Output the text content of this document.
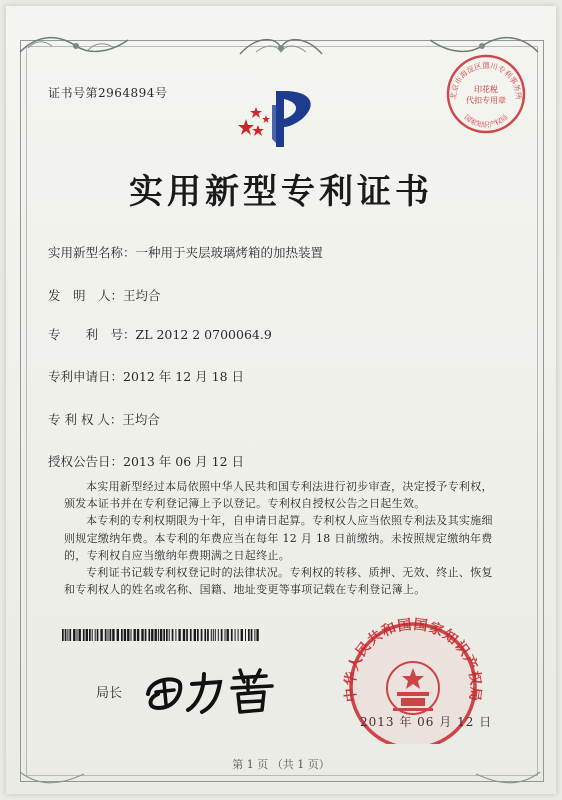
证书号第2964894号
实用新型专利证书
实用新型名称：一种用于夹层玻璃烤箱的加热装置
发　明　人：王均合
专　　利　号：ZL 2012 2 0700064.9
专利申请日：2012 年 12 月 18 日
专 利 权 人：王均合
授权公告日：2013 年 06 月 12 日

本实用新型经过本局依照中华人民共和国专利法进行初步审查，决定授予专利权，颁发本证书并在专利登记簿上予以登记。专利权自授权公告之日起生效。

本专利的专利权期限为十年，自申请日起算。专利权人应当依照专利法及其实施细则规定缴纳年费。本专利的年费应当在每年 12 月 18 日前缴纳。未按照规定缴纳年费的，专利权自应当缴纳年费期满之日起终止。

专利证书记载专利权登记时的法律状况。专利权的转移、质押、无效、终止、恢复和专利权人的姓名或名称、国籍、地址变更等事项记载在专利登记簿上。

局长	中华人民共和国国家知识产权局
2013 年 06 月 12 日
北京市海淀区德川专利事务所
国家知识产权局
印花税
代扣专用章
第 1 页 （共 1 页）
